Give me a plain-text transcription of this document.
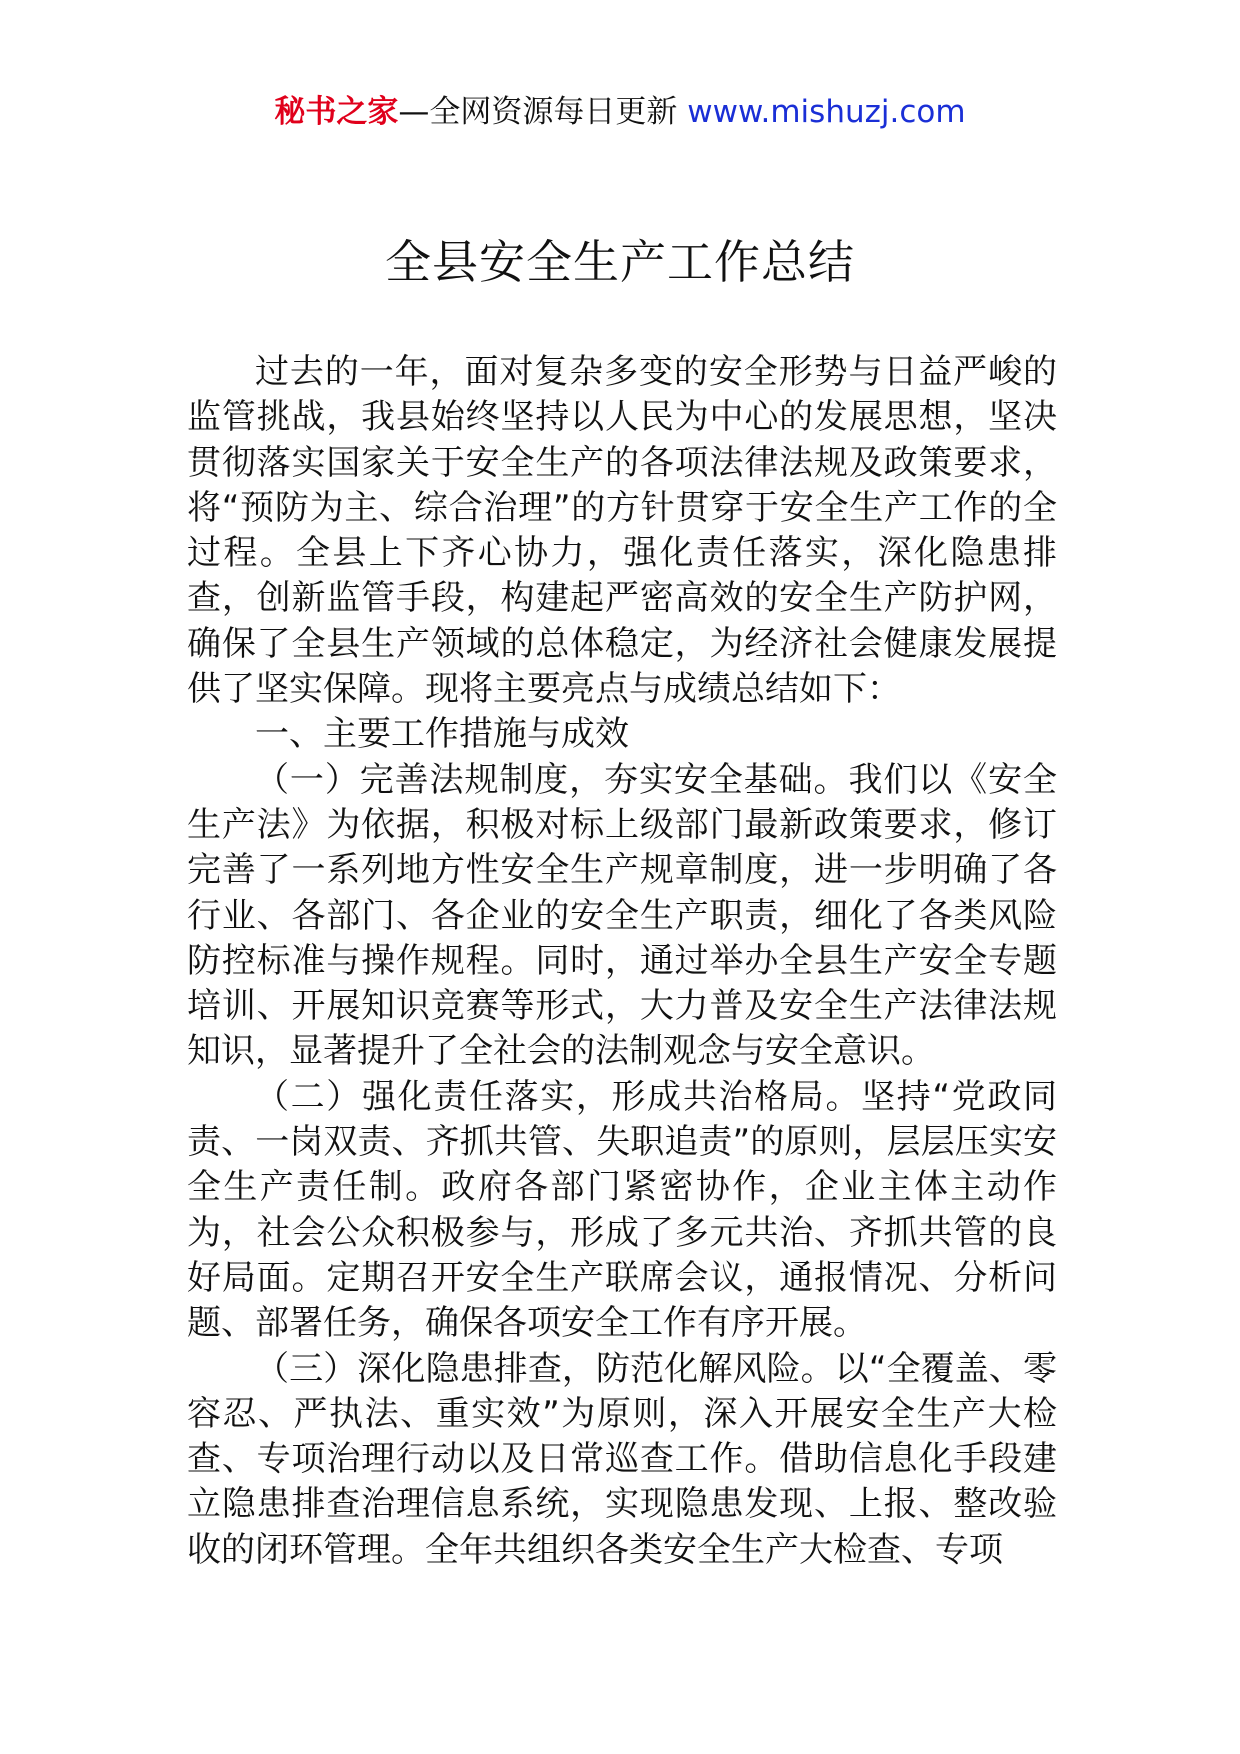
秘书之家—全网资源每日更新 www.mishuzj.com
全县安全生产工作总结

过去的一年，面对复杂多变的安全形势与日益严峻的监管挑战，我县始终坚持以人民为中心的发展思想，坚决贯彻落实国家关于安全生产的各项法律法规及政策要求，将“预防为主、综合治理”的方针贯穿于安全生产工作的全过程。全县上下齐心协力，强化责任落实，深化隐患排查，创新监管手段，构建起严密高效的安全生产防护网，确保了全县生产领域的总体稳定，为经济社会健康发展提供了坚实保障。现将主要亮点与成绩总结如下：

一、主要工作措施与成效

（一）完善法规制度，夯实安全基础。我们以《安全生产法》为依据，积极对标上级部门最新政策要求，修订完善了一系列地方性安全生产规章制度，进一步明确了各行业、各部门、各企业的安全生产职责，细化了各类风险防控标准与操作规程。同时，通过举办全县生产安全专题培训、开展知识竞赛等形式，大力普及安全生产法律法规知识，显著提升了全社会的法制观念与安全意识。

（二）强化责任落实，形成共治格局。坚持“党政同责、一岗双责、齐抓共管、失职追责”的原则，层层压实安全生产责任制。政府各部门紧密协作，企业主体主动作为，社会公众积极参与，形成了多元共治、齐抓共管的良好局面。定期召开安全生产联席会议，通报情况、分析问题、部署任务，确保各项安全工作有序开展。

（三）深化隐患排查，防范化解风险。以“全覆盖、零容忍、严执法、重实效”为原则，深入开展安全生产大检查、专项治理行动以及日常巡查工作。借助信息化手段建立隐患排查治理信息系统，实现隐患发现、上报、整改验收的闭环管理。全年共组织各类安全生产大检查、专项
